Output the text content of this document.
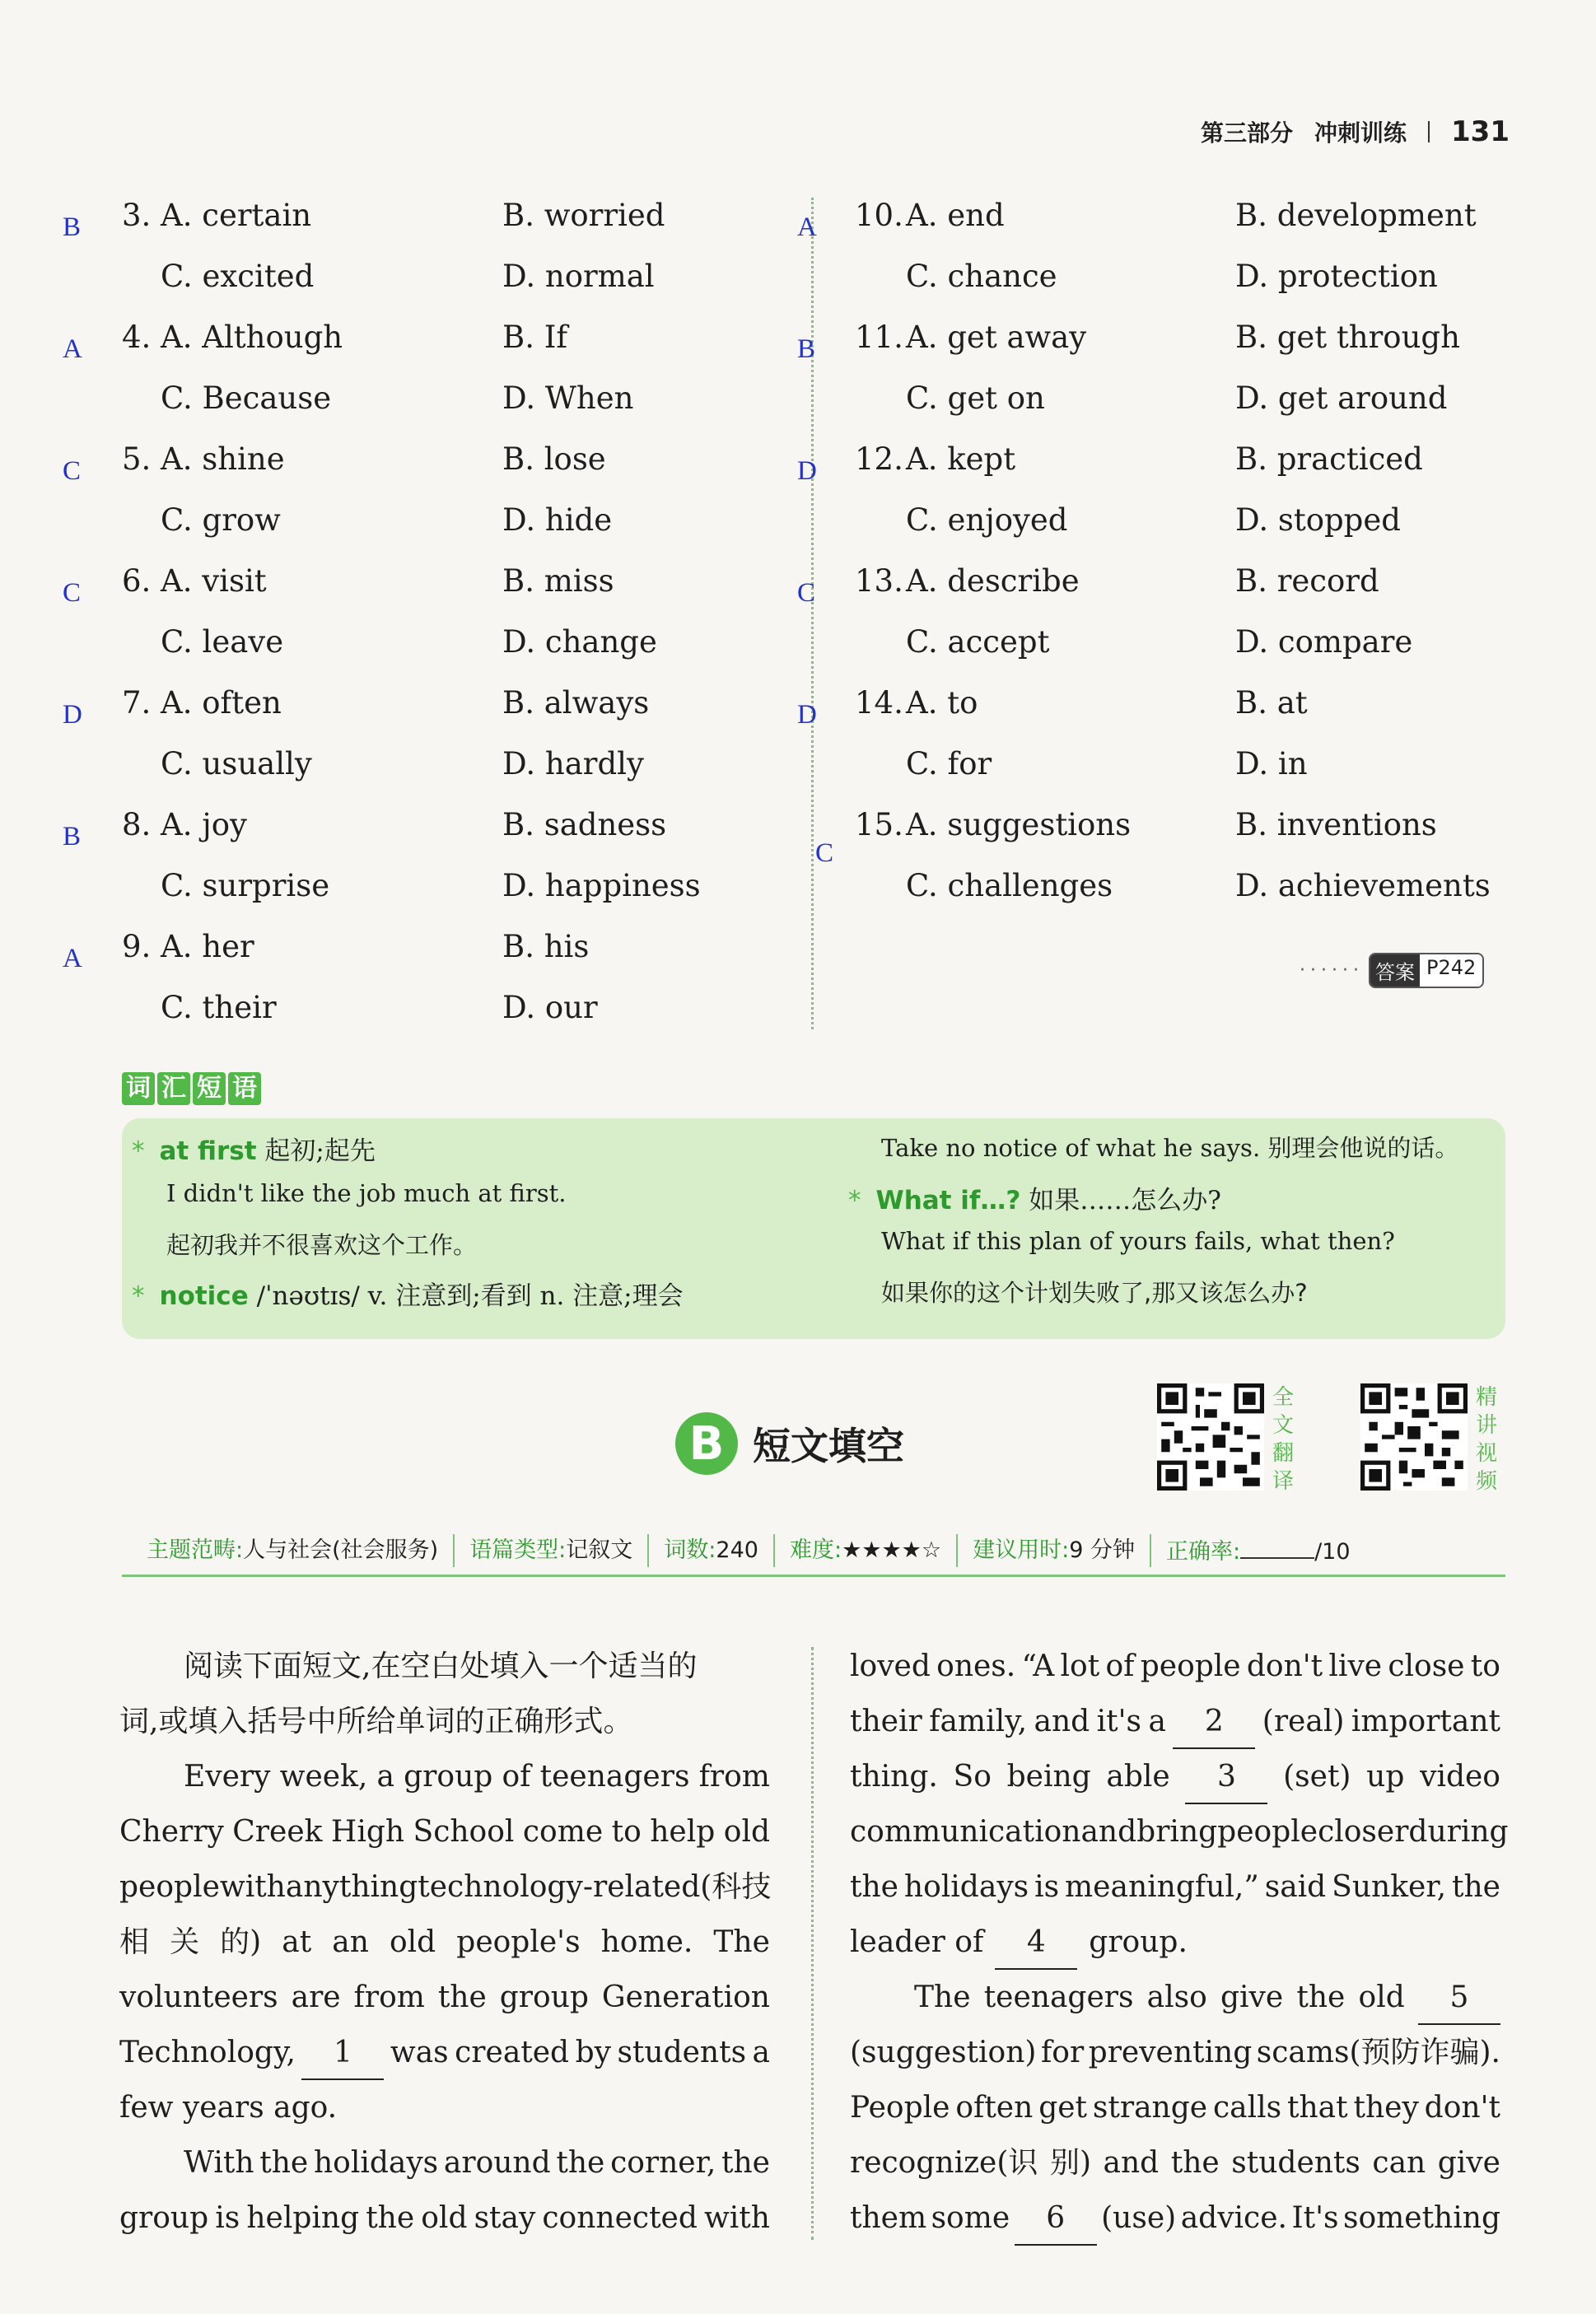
第三部分 冲刺训练 131
B 3. A. certain	B. worried
C. excited	D. normal
A 4. A. Although	B. If
C. Because	D. When
C 5. A. shine	B. lose
C. grow	D. hide
C 6. A. visit	B. miss
C. leave	D. change
D 7. A. often	B. always
C. usually	D. hardly
B 8. A. joy	B. sadness
C. surprise	D. happiness
A 9. A. her	B. his
C. their	D. our
A 10. A. end	B. development
C. chance	D. protection
B 11. A. get away	B. get through
C. get on	D. get around
D 12. A. kept	B. practiced
C. enjoyed	D. stopped
C 13. A. describe	B. record
C. accept	D. compare
D 14. A. to	B. at
C. for	D. in
C
15. A. suggestions	B. inventions
C. challenges	D. achievements
······ 答案 P242
词 汇 短 语
* at first 起初;起先
I didn't like the job much at first.
起初我并不很喜欢这个工作。
* notice /ˈnəʊtɪs/ v. 注意到;看到 n. 注意;理会
Take no notice of what he says. 别理会他说的话。
* What if…? 如果……怎么办?
What if this plan of yours fails, what then?
如果你的这个计划失败了,那又该怎么办?
B 短文填空
全
文
翻
译
精
讲
视
频
主题范畴:人与社会(社会服务)	语篇类型:记叙文	词数:240	难度:★★★★☆	建议用时:9 分钟	正确率:	/10
阅读下面短文,在空白处填入一个适当的
词,或填入括号中所给单词的正确形式。
Every week, a group of teenagers from
Cherry Creek High School come to help old
people with anything technology-related(科技
相 关 的) at an old people's home. The
volunteers are from the group Generation
Technology,	1	was created by students a
few years ago.
With the holidays around the corner, the
group is helping the old stay connected with
loved ones. “A lot of people don't live close to
their family, and it's a	2	(real) important
thing. So being able	3	(set) up video
communication and bring people closer during
the holidays is meaningful,” said Sunker, the
leader of	4	group.
The teenagers also give the old	5
(suggestion) for preventing scams(预防诈骗).
People often get strange calls that they don't
recognize(识 别) and the students can give
them some	6	(use) advice. It's something
